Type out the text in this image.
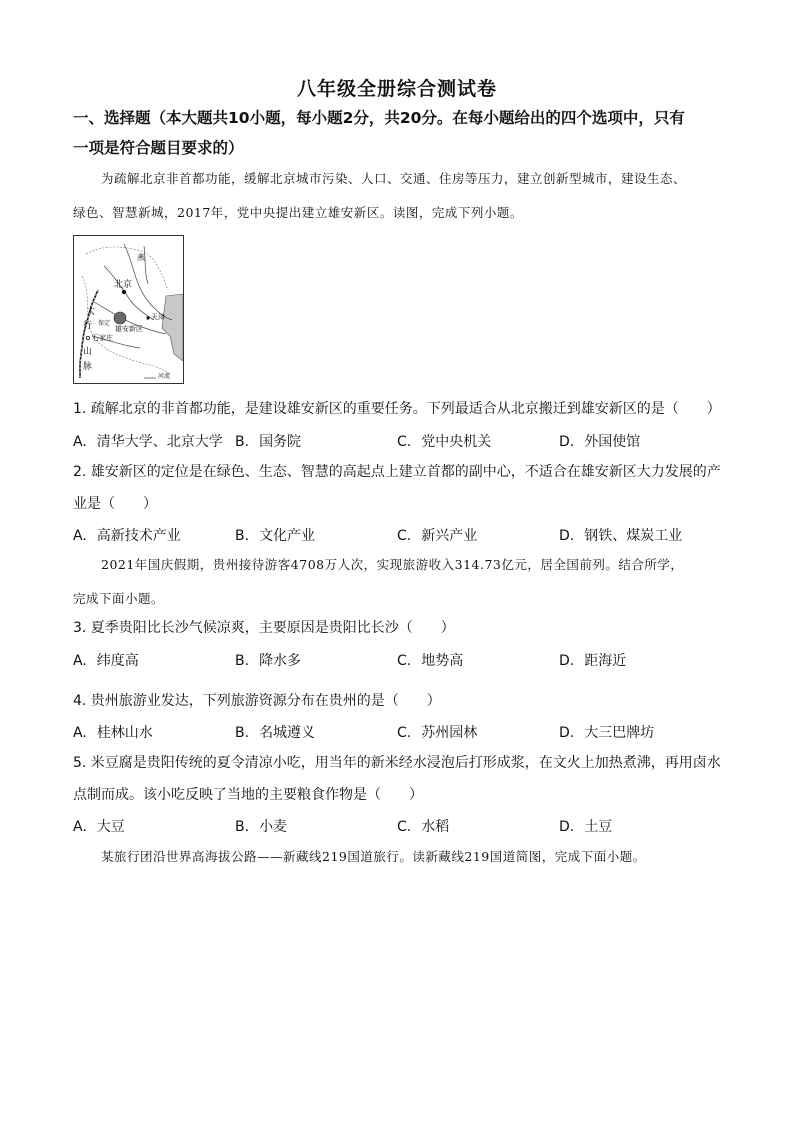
八年级全册综合测试卷
一、选择题（本大题共10小题，每小题2分，共20分。在每小题给出的四个选项中，只有
一项是符合题目要求的）
为疏解北京非首都功能，缓解北京城市污染、人口、交通、住房等压力，建立创新型城市，建设生态、
绿色、智慧新城，2017年，党中央提出建立雄安新区。读图，完成下列小题。
燕
北京
太
行
山
脉
保定
雄安新区
天津
石家庄
河流
1. 疏解北京的非首都功能，是建设雄安新区的重要任务。下列最适合从北京搬迁到雄安新区的是（　　）
A. 清华大学、北京大学 B. 国务院	C. 党中央机关	D. 外国使馆
2. 雄安新区的定位是在绿色、生态、智慧的高起点上建立首都的副中心，不适合在雄安新区大力发展的产
业是（　　）
A. 高新技术产业	B. 文化产业	C. 新兴产业	D. 钢铁、煤炭工业
2021年国庆假期，贵州接待游客4708万人次，实现旅游收入314.73亿元，居全国前列。结合所学，
完成下面小题。
3. 夏季贵阳比长沙气候凉爽，主要原因是贵阳比长沙（　　）
A. 纬度高	B. 降水多	C. 地势高	D. 距海近
4. 贵州旅游业发达，下列旅游资源分布在贵州的是（　　）
A. 桂林山水	B. 名城遵义	C. 苏州园林	D. 大三巴牌坊
5. 米豆腐是贵阳传统的夏令清凉小吃，用当年的新米经水浸泡后打形成浆，在文火上加热煮沸，再用卤水
点制而成。该小吃反映了当地的主要粮食作物是（　　）
A. 大豆	B. 小麦	C. 水稻	D. 土豆
某旅行团沿世界高海拔公路——新藏线219国道旅行。读新藏线219国道简图，完成下面小题。
